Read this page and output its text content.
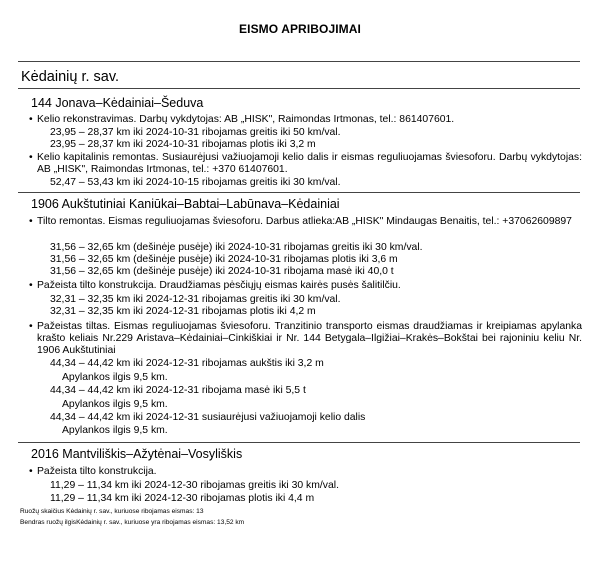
EISMO APRIBOJIMAI
Kėdainių r. sav.
144 Jonava–Kėdainiai–Šeduva
• Kelio rekonstravimas. Darbų vykdytojas: AB „HISK", Raimondas Irtmonas, tel.: 861407601.
23,95 – 28,37 km iki 2024-10-31 ribojamas greitis iki 50 km/val.
23,95 – 28,37 km iki 2024-10-31 ribojamas plotis iki 3,2 m
• Kelio kapitalinis remontas. Susiaurėjusi važiuojamoji kelio dalis ir eismas reguliuojamas šviesoforu. Darbų vykdytojas: AB „HISK", Raimondas Irtmonas, tel.: +370 61407601.
52,47 – 53,43 km iki 2024-10-15 ribojamas greitis iki 30 km/val.
1906 Aukštutiniai Kaniūkai–Babtai–Labūnava–Kėdainiai
• Tilto remontas. Eismas reguliuojamas šviesoforu. Darbus atlieka:AB „HISK" Mindaugas Benaitis, tel.: +37062609897
31,56 – 32,65 km (dešinėje pusėje) iki 2024-10-31 ribojamas greitis iki 30 km/val.
31,56 – 32,65 km (dešinėje pusėje) iki 2024-10-31 ribojamas plotis iki 3,6 m
31,56 – 32,65 km (dešinėje pusėje) iki 2024-10-31 ribojama masė iki 40,0 t
• Pažeista tilto konstrukcija. Draudžiamas pėsčiųjų eismas kairės pusės šalitilčiu.
32,31 – 32,35 km iki 2024-12-31 ribojamas greitis iki 30 km/val.
32,31 – 32,35 km iki 2024-12-31 ribojamas plotis iki 4,2 m
• Pažeistas tiltas. Eismas reguliuojamas šviesoforu. Tranzitinio transporto eismas draudžiamas ir kreipiamas apylanka krašto keliais Nr.229 Aristava–Kėdainiai–Cinkiškiai ir Nr. 144 Betygala–Ilgižiai–Krakės–Bokštai bei rajoniniu keliu Nr. 1906 Aukštutiniai
44,34 – 44,42 km iki 2024-12-31 ribojamas aukštis iki 3,2 m
Apylankos ilgis 9,5 km.
44,34 – 44,42 km iki 2024-12-31 ribojama masė iki 5,5 t
Apylankos ilgis 9,5 km.
44,34 – 44,42 km iki 2024-12-31 susiaurėjusi važiuojamoji kelio dalis
Apylankos ilgis 9,5 km.
2016 Mantviliškis–Ažytėnai–Vosyliškis
• Pažeista tilto konstrukcija.
11,29 – 11,34 km iki 2024-12-30 ribojamas greitis iki 30 km/val.
11,29 – 11,34 km iki 2024-12-30 ribojamas plotis iki 4,4 m
Ruožų skaičius Kėdainių r. sav., kuriuose ribojamas eismas: 13
Bendras ruožų ilgisKėdainių r. sav., kuriuose yra ribojamas eismas: 13,52 km
